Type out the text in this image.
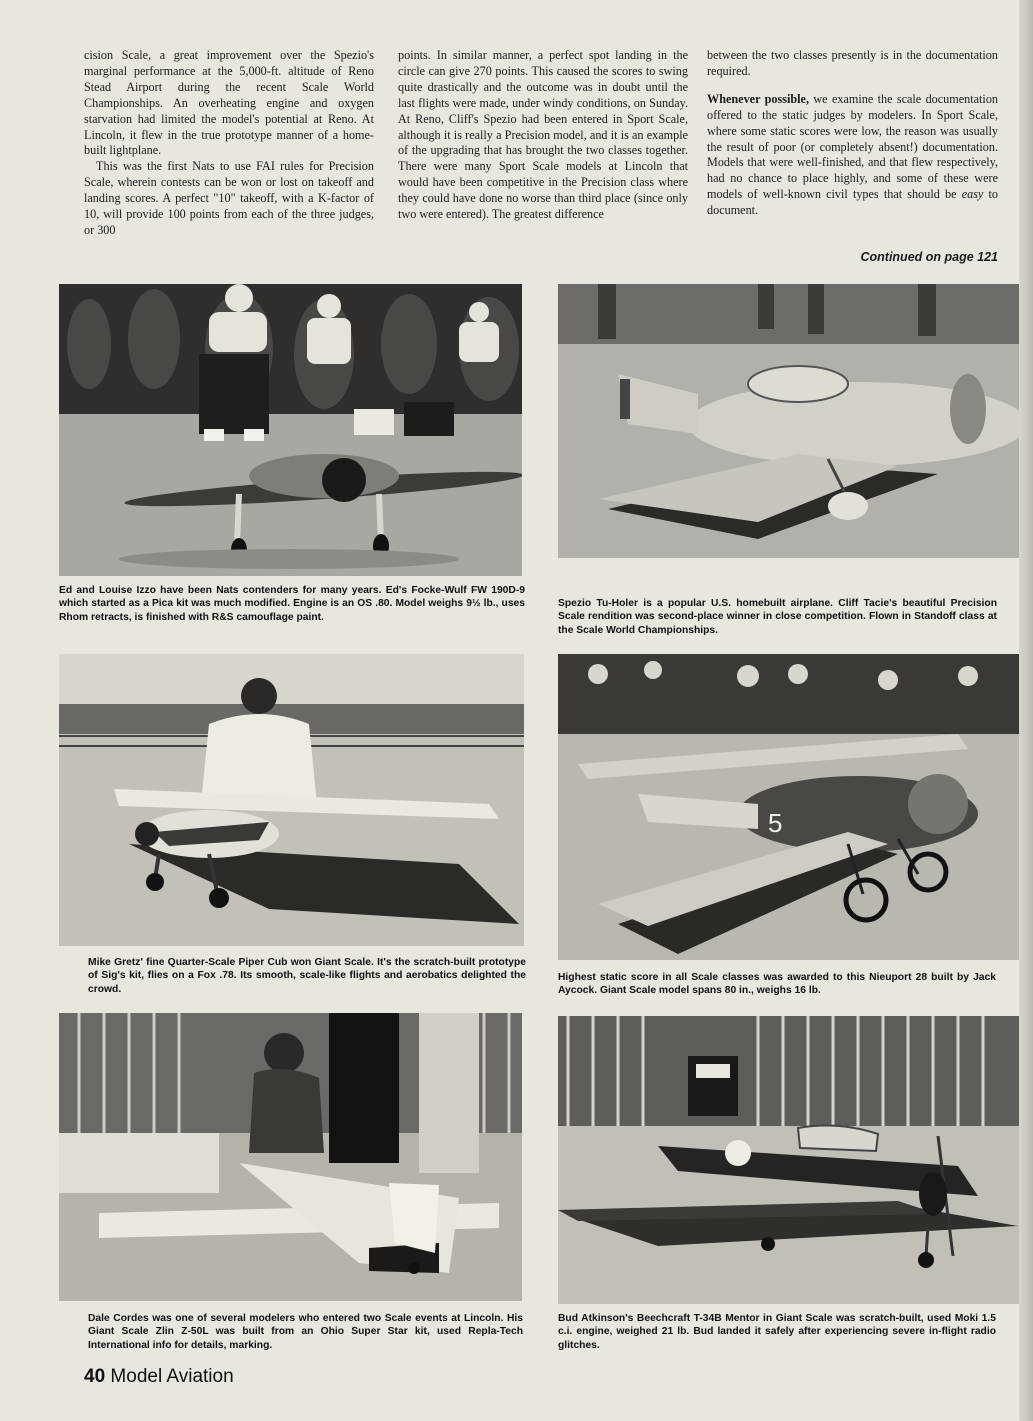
cision Scale, a great improvement over the Spezio's marginal performance at the 5,000-ft. altitude of Reno Stead Airport during the recent Scale World Championships. An overheating engine and oxygen starvation had limited the model's potential at Reno. At Lincoln, it flew in the true prototype manner of a home-built lightplane.

This was the first Nats to use FAI rules for Precision Scale, wherein contests can be won or lost on takeoff and landing scores. A perfect "10" takeoff, with a K-factor of 10, will provide 100 points from each of the three judges, or 300

points. In similar manner, a perfect spot landing in the circle can give 270 points. This caused the scores to swing quite drastically and the outcome was in doubt until the last flights were made, under windy conditions, on Sunday. At Reno, Cliff's Spezio had been entered in Sport Scale, although it is really a Precision model, and it is an example of the upgrading that has brought the two classes together. There were many Sport Scale models at Lincoln that would have been competitive in the Precision class where they could have done no worse than third place (since only two were entered). The greatest difference

between the two classes presently is in the documentation required.

Whenever possible, we examine the scale documentation offered to the static judges by modelers. In Sport Scale, where some static scores were low, the reason was usually the result of poor (or completely absent!) documentation. Models that were well-finished, and that flew respectively, had no chance to place highly, and some of these were models of well-known civil types that should be easy to document.

Continued on page 121
Ed and Louise Izzo have been Nats contenders for many years. Ed's Focke-Wulf FW 190D-9 which started as a Pica kit was much modified. Engine is an OS .80. Model weighs 9½ lb., uses Rhom retracts, is finished with R&S camouflage paint.
Spezio Tu-Holer is a popular U.S. homebuilt airplane. Cliff Tacie's beautiful Precision Scale rendition was second-place winner in close competition. Flown in Standoff class at the Scale World Championships.
Mike Gretz' fine Quarter-Scale Piper Cub won Giant Scale. It's the scratch-built prototype of Sig's kit, flies on a Fox .78. Its smooth, scale-like flights and aerobatics delighted the crowd.
5
Highest static score in all Scale classes was awarded to this Nieuport 28 built by Jack Aycock. Giant Scale model spans 80 in., weighs 16 lb.
Dale Cordes was one of several modelers who entered two Scale events at Lincoln. His Giant Scale Zlin Z-50L was built from an Ohio Super Star kit, used Repla-Tech International info for details, marking.
Bud Atkinson's Beechcraft T-34B Mentor in Giant Scale was scratch-built, used Moki 1.5 c.i. engine, weighed 21 lb. Bud landed it safely after experiencing severe in-flight radio glitches.
40 Model Aviation
